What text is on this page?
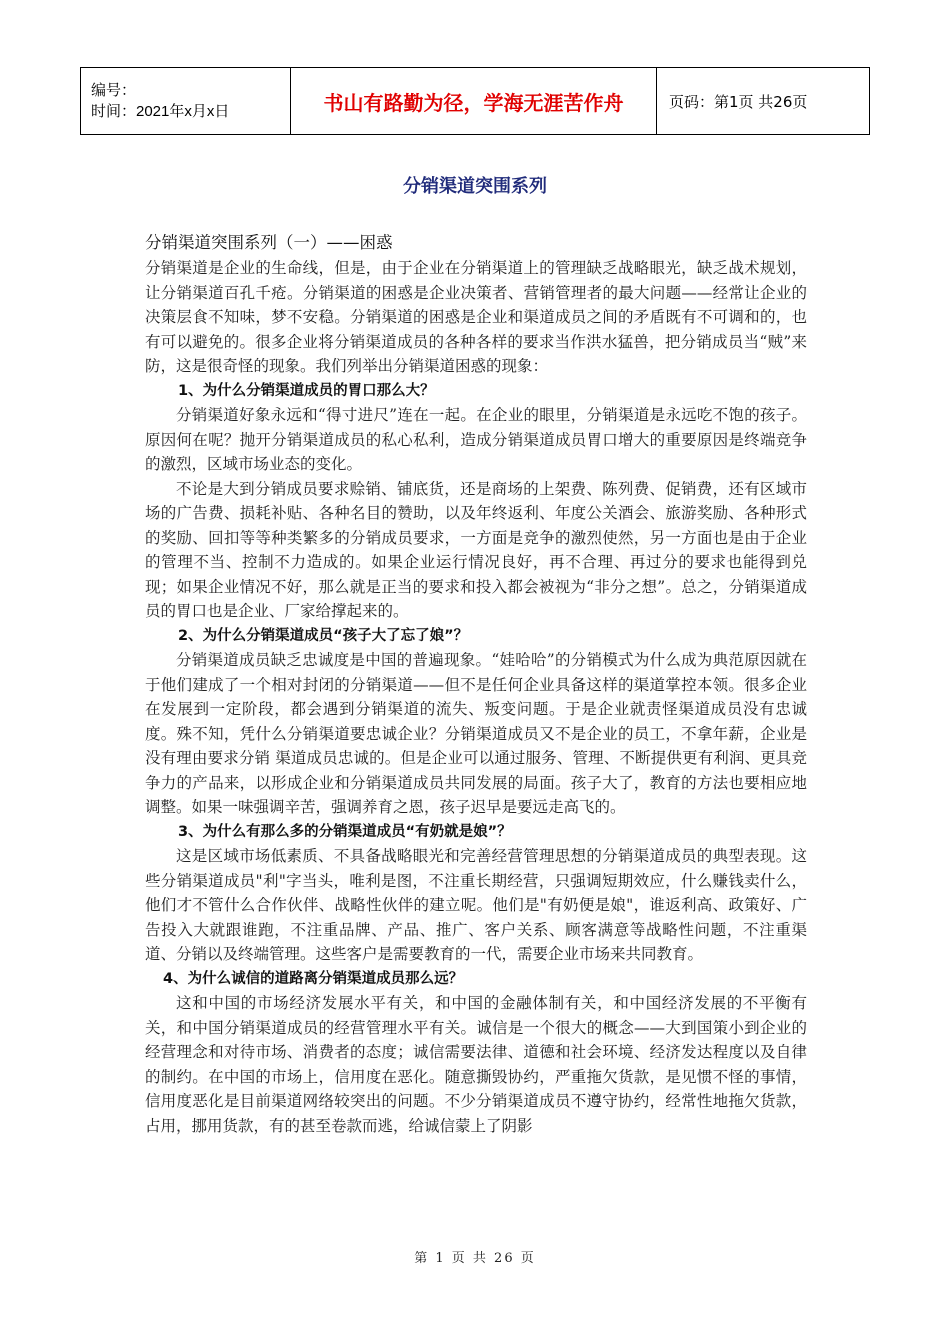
编号：
时间：2021年x月x日	书山有路勤为径，学海无涯苦作舟	页码：第1页 共26页
分销渠道突围系列

分销渠道突围系列（一）——困惑

分销渠道是企业的生命线，但是，由于企业在分销渠道上的管理缺乏战略眼光，缺乏战术规划，让分销渠道百孔千疮。分销渠道的困惑是企业决策者、营销管理者的最大问题——经常让企业的决策层食不知味，梦不安稳。分销渠道的困惑是企业和渠道成员之间的矛盾既有不可调和的，也有可以避免的。很多企业将分销渠道成员的各种各样的要求当作洪水猛兽，把分销成员当“贼”来防，这是很奇怪的现象。我们列举出分销渠道困惑的现象：

1、为什么分销渠道成员的胃口那么大？

分销渠道好象永远和“得寸进尺”连在一起。在企业的眼里，分销渠道是永远吃不饱的孩子。原因何在呢？抛开分销渠道成员的私心私利，造成分销渠道成员胃口增大的重要原因是终端竞争的激烈，区域市场业态的变化。

不论是大到分销成员要求赊销、铺底货，还是商场的上架费、陈列费、促销费，还有区域市场的广告费、损耗补贴、各种名目的赞助，以及年终返利、年度公关酒会、旅游奖励、各种形式的奖励、回扣等等种类繁多的分销成员要求，一方面是竞争的激烈使然，另一方面也是由于企业的管理不当、控制不力造成的。如果企业运行情况良好，再不合理、再过分的要求也能得到兑现；如果企业情况不好，那么就是正当的要求和投入都会被视为“非分之想”。总之，分销渠道成员的胃口也是企业、厂家给撑起来的。

2、为什么分销渠道成员“孩子大了忘了娘”？

分销渠道成员缺乏忠诚度是中国的普遍现象。“娃哈哈”的分销模式为什么成为典范原因就在于他们建成了一个相对封闭的分销渠道——但不是任何企业具备这样的渠道掌控本领。很多企业在发展到一定阶段，都会遇到分销渠道的流失、叛变问题。于是企业就责怪渠道成员没有忠诚度。殊不知，凭什么分销渠道要忠诚企业？分销渠道成员又不是企业的员工，不拿年薪，企业是没有理由要求分销 渠道成员忠诚的。但是企业可以通过服务、管理、不断提供更有利润、更具竞争力的产品来，以形成企业和分销渠道成员共同发展的局面。孩子大了，教育的方法也要相应地调整。如果一味强调辛苦，强调养育之恩，孩子迟早是要远走高飞的。

3、为什么有那么多的分销渠道成员“有奶就是娘”？

这是区域市场低素质、不具备战略眼光和完善经营管理思想的分销渠道成员的典型表现。这些分销渠道成员"利"字当头，唯利是图，不注重长期经营，只强调短期效应，什么赚钱卖什么，他们才不管什么合作伙伴、战略性伙伴的建立呢。他们是"有奶便是娘"，谁返利高、政策好、广告投入大就跟谁跑，不注重品牌、产品、推广、客户关系、顾客满意等战略性问题，不注重渠道、分销以及终端管理。这些客户是需要教育的一代，需要企业市场来共同教育。

4、为什么诚信的道路离分销渠道成员那么远？

这和中国的市场经济发展水平有关，和中国的金融体制有关，和中国经济发展的不平衡有关，和中国分销渠道成员的经营管理水平有关。诚信是一个很大的概念——大到国策小到企业的经营理念和对待市场、消费者的态度；诚信需要法律、道德和社会环境、经济发达程度以及自律的制约。在中国的市场上，信用度在恶化。随意撕毁协约，严重拖欠货款，是见惯不怪的事情，信用度恶化是目前渠道网络较突出的问题。不少分销渠道成员不遵守协约，经常性地拖欠货款，占用，挪用货款，有的甚至卷款而逃，给诚信蒙上了阴影

第 1 页 共 26 页
